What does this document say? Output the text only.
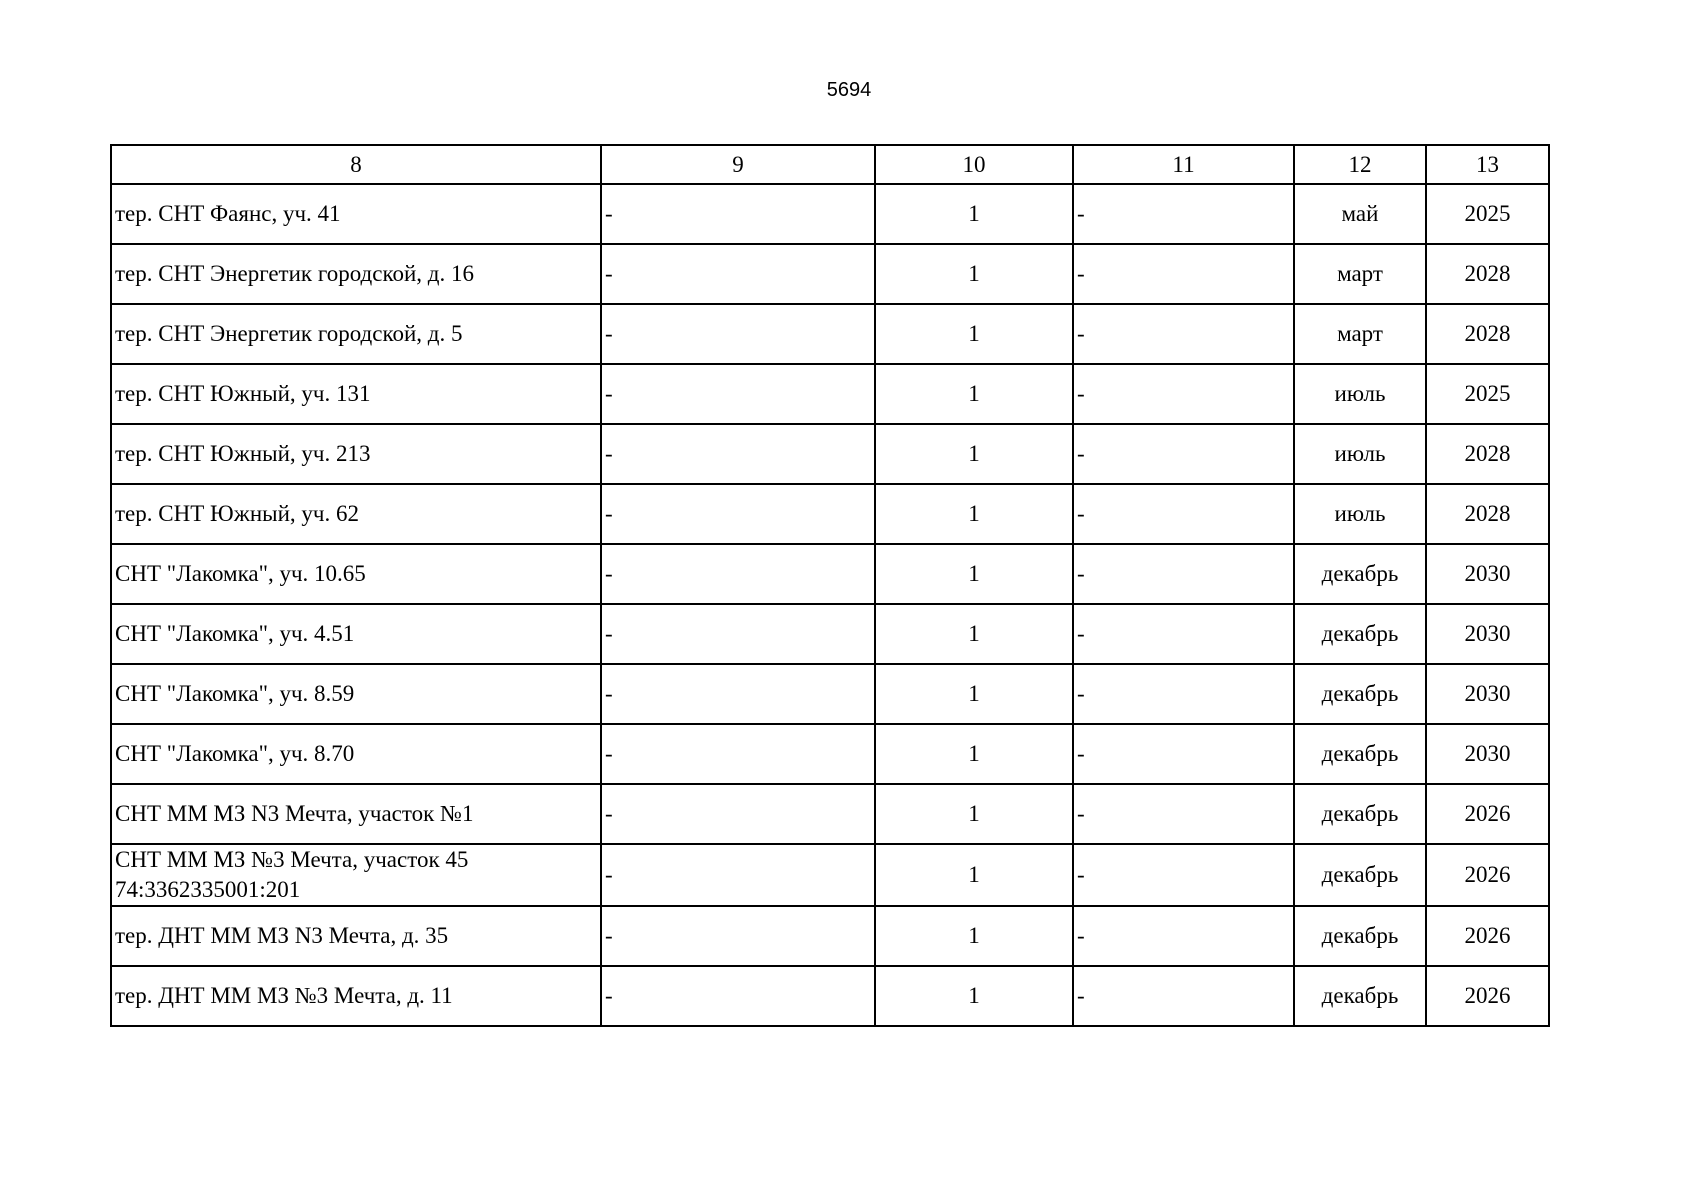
5694
8	9	10	11	12	13
тер. СНТ Фаянс, уч. 41	-	1	-	май	2025
тер. СНТ Энергетик городской, д. 16	-	1	-	март	2028
тер. СНТ Энергетик городской, д. 5	-	1	-	март	2028
тер. СНТ Южный, уч. 131	-	1	-	июль	2025
тер. СНТ Южный, уч. 213	-	1	-	июль	2028
тер. СНТ Южный, уч. 62	-	1	-	июль	2028
СНТ "Лакомка", уч. 10.65	-	1	-	декабрь	2030
СНТ "Лакомка", уч. 4.51	-	1	-	декабрь	2030
СНТ "Лакомка", уч. 8.59	-	1	-	декабрь	2030
СНТ "Лакомка", уч. 8.70	-	1	-	декабрь	2030
СНТ ММ МЗ N3 Мечта, участок №1	-	1	-	декабрь	2026
СНТ ММ МЗ №3 Мечта, участок 45
74:3362335001:201	-	1	-	декабрь	2026
тер. ДНТ ММ МЗ N3 Мечта, д. 35	-	1	-	декабрь	2026
тер. ДНТ ММ МЗ №3 Мечта, д. 11	-	1	-	декабрь	2026
